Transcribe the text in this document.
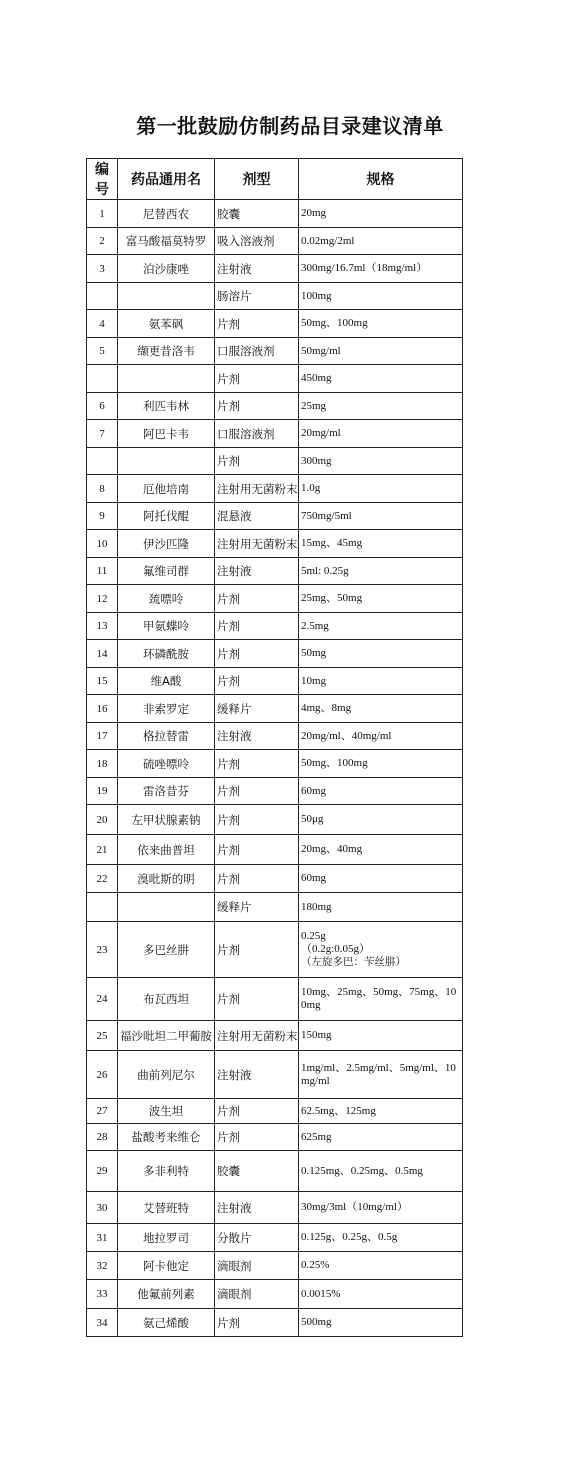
第一批鼓励仿制药品目录建议清单
编号	药品通用名	剂型	规格
1	尼替西农	胶囊	20mg

2	富马酸福莫特罗	吸入溶液剂	0.02mg/2ml

3	泊沙康唑	注射液	300mg/16.7ml（18mg/ml）

		肠溶片	100mg

4	氨苯砜	片剂	50mg、100mg

5	缬更昔洛韦	口服溶液剂	50mg/ml

		片剂	450mg

6	利匹韦林	片剂	25mg

7	阿巴卡韦	口服溶液剂	20mg/ml

		片剂	300mg

8	厄他培南	注射用无菌粉末	1.0g

9	阿托伐醌	混悬液	750mg/5ml

10	伊沙匹隆	注射用无菌粉末	15mg、45mg

11	氟维司群	注射液	5ml: 0.25g

12	巯嘌呤	片剂	25mg、50mg

13	甲氨蝶呤	片剂	2.5mg

14	环磷酰胺	片剂	50mg

15	维A酸	片剂	10mg

16	非索罗定	缓释片	4mg、8mg

17	格拉替雷	注射液	20mg/ml、40mg/ml

18	硫唑嘌呤	片剂	50mg、100mg

19	雷洛昔芬	片剂	60mg

20	左甲状腺素钠	片剂	50μg

21	依来曲普坦	片剂	20mg、40mg

22	溴吡斯的明	片剂	60mg

		缓释片	180mg

23	多巴丝肼	片剂	0.25g
（0.2g:0.05g）
（左旋多巴：苄丝肼）

24	布瓦西坦	片剂	10mg、25mg、50mg、75mg、100mg

25	福沙吡坦二甲葡胺	注射用无菌粉末	150mg

26	曲前列尼尔	注射液	1mg/ml、2.5mg/ml、5mg/ml、10mg/ml

27	波生坦	片剂	62.5mg、125mg

28	盐酸考来维仑	片剂	625mg

29	多非利特	胶囊	0.125mg、0.25mg、0.5mg

30	艾替班特	注射液	30mg/3ml（10mg/ml）

31	地拉罗司	分散片	0.125g、0.25g、0.5g

32	阿卡他定	滴眼剂	0.25%

33	他氟前列素	滴眼剂	0.0015%

34	氨己烯酸	片剂	500mg
